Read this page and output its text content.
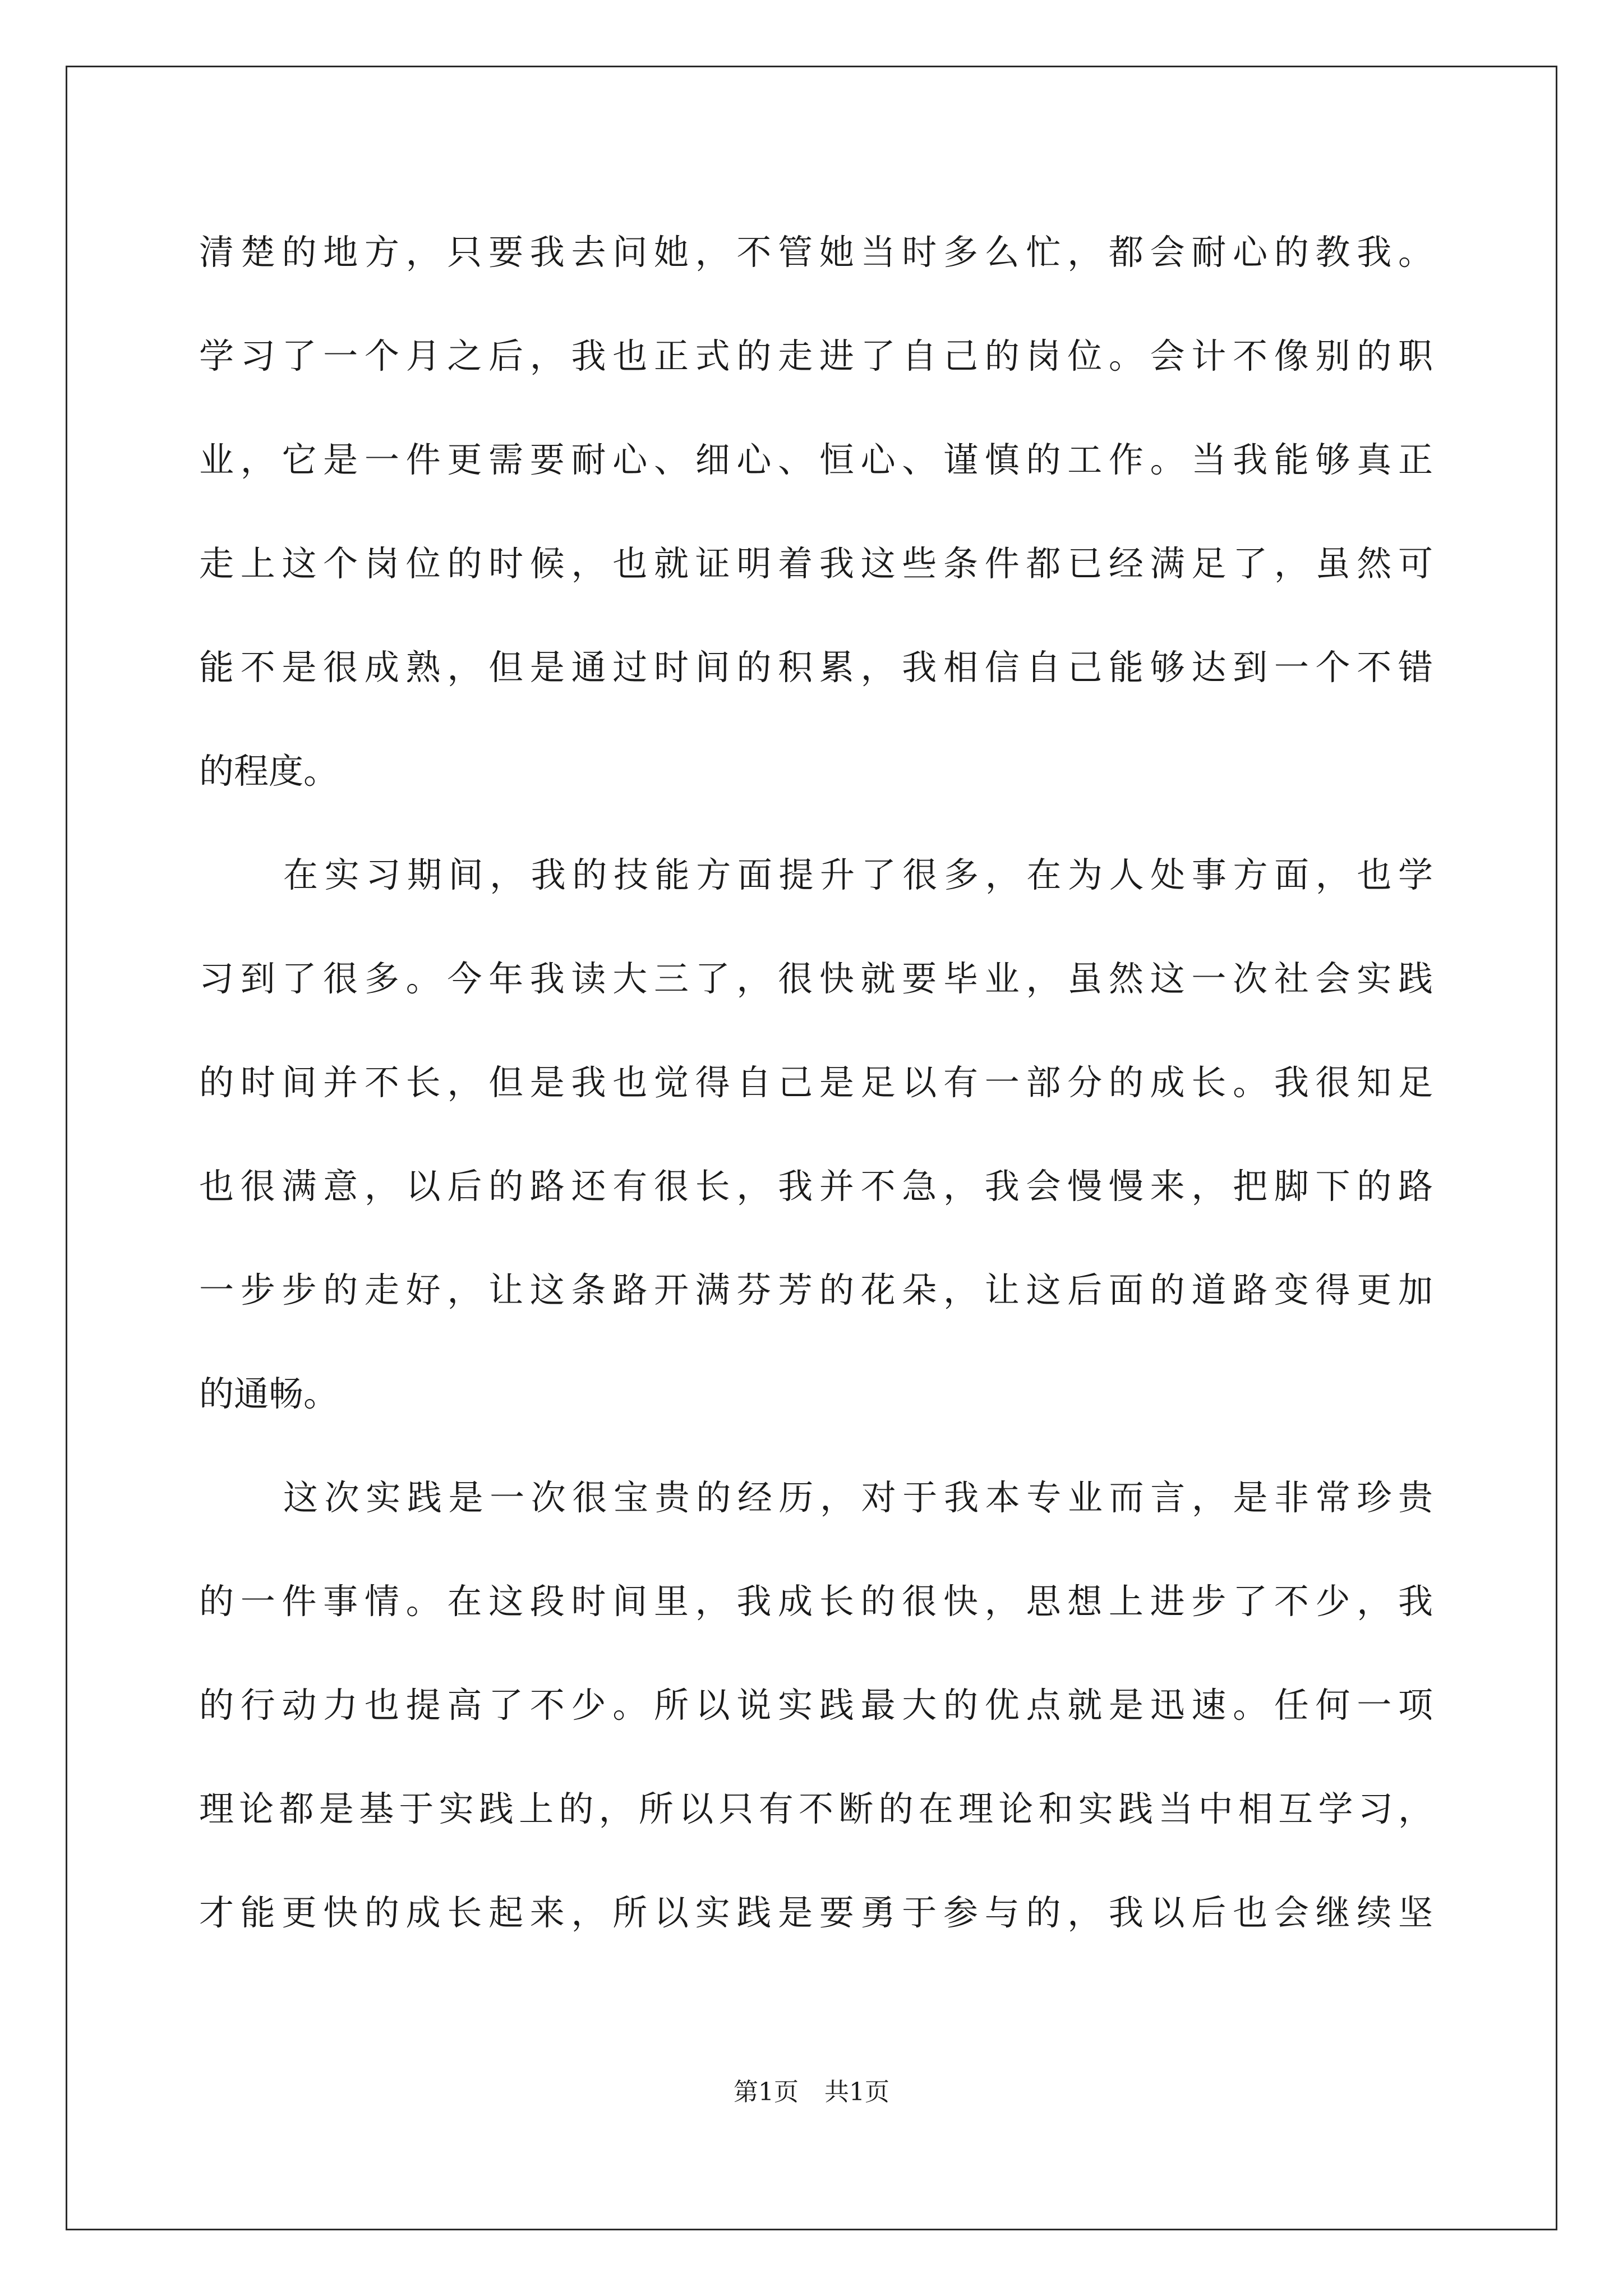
清楚的地方，只要我去问她，不管她当时多么忙，都会耐心的教我。
学习了一个月之后，我也正式的走进了自己的岗位。会计不像别的职
业，它是一件更需要耐心、细心、恒心、谨慎的工作。当我能够真正
走上这个岗位的时候，也就证明着我这些条件都已经满足了，虽然可
能不是很成熟，但是通过时间的积累，我相信自己能够达到一个不错
的程度。
在实习期间，我的技能方面提升了很多，在为人处事方面，也学
习到了很多。今年我读大三了，很快就要毕业，虽然这一次社会实践
的时间并不长，但是我也觉得自己是足以有一部分的成长。我很知足
也很满意，以后的路还有很长，我并不急，我会慢慢来，把脚下的路
一步步的走好，让这条路开满芬芳的花朵，让这后面的道路变得更加
的通畅。
这次实践是一次很宝贵的经历，对于我本专业而言，是非常珍贵
的一件事情。在这段时间里，我成长的很快，思想上进步了不少，我
的行动力也提高了不少。所以说实践最大的优点就是迅速。任何一项
理论都是基于实践上的，所以只有不断的在理论和实践当中相互学习，
才能更快的成长起来，所以实践是要勇于参与的，我以后也会继续坚
第1页 共1页
